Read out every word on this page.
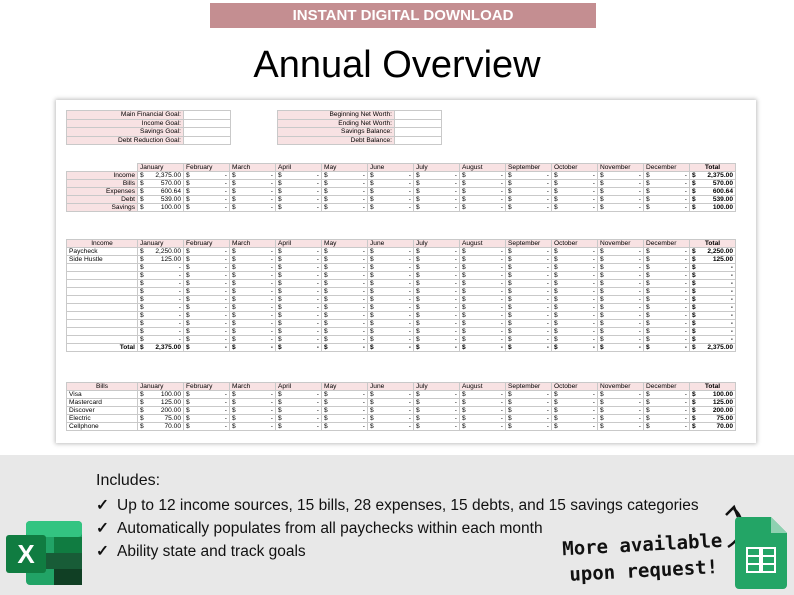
INSTANT DIGITAL DOWNLOAD
Annual Overview
Main Financial Goal:	
Income Goal:	
Savings Goal:	
Debt Reduction Goal:	
Beginning Net Worth:	
Ending Net Worth:	
Savings Balance:	
Debt Balance:	
	January	February	March	April	May	June	July	August	September	October	November	December	Total
Income	$ 2,375.00	$ -	$ -	$ -	$ -	$ -	$ -	$ -	$ -	$ -	$ -	$ -	$ 2,375.00

Bills	$ 570.00	$ -	$ -	$ -	$ -	$ -	$ -	$ -	$ -	$ -	$ -	$ -	$ 570.00

Expenses	$ 600.64	$ -	$ -	$ -	$ -	$ -	$ -	$ -	$ -	$ -	$ -	$ -	$ 600.64

Debt	$ 539.00	$ -	$ -	$ -	$ -	$ -	$ -	$ -	$ -	$ -	$ -	$ -	$ 539.00

Savings	$ 100.00	$ -	$ -	$ -	$ -	$ -	$ -	$ -	$ -	$ -	$ -	$ -	$ 100.00
Income	January	February	March	April	May	June	July	August	September	October	November	December	Total
Paycheck	$ 2,250.00	$ -	$ -	$ -	$ -	$ -	$ -	$ -	$ -	$ -	$ -	$ -	$ 2,250.00

Side Hustle	$ 125.00	$ -	$ -	$ -	$ -	$ -	$ -	$ -	$ -	$ -	$ -	$ -	$ 125.00

	$ -	$ -	$ -	$ -	$ -	$ -	$ -	$ -	$ -	$ -	$ -	$ -	$ -

	$ -	$ -	$ -	$ -	$ -	$ -	$ -	$ -	$ -	$ -	$ -	$ -	$ -

	$ -	$ -	$ -	$ -	$ -	$ -	$ -	$ -	$ -	$ -	$ -	$ -	$ -

	$ -	$ -	$ -	$ -	$ -	$ -	$ -	$ -	$ -	$ -	$ -	$ -	$ -

	$ -	$ -	$ -	$ -	$ -	$ -	$ -	$ -	$ -	$ -	$ -	$ -	$ -

	$ -	$ -	$ -	$ -	$ -	$ -	$ -	$ -	$ -	$ -	$ -	$ -	$ -

	$ -	$ -	$ -	$ -	$ -	$ -	$ -	$ -	$ -	$ -	$ -	$ -	$ -

	$ -	$ -	$ -	$ -	$ -	$ -	$ -	$ -	$ -	$ -	$ -	$ -	$ -

	$ -	$ -	$ -	$ -	$ -	$ -	$ -	$ -	$ -	$ -	$ -	$ -	$ -

	$ -	$ -	$ -	$ -	$ -	$ -	$ -	$ -	$ -	$ -	$ -	$ -	$ -

Total	$ 2,375.00	$ -	$ -	$ -	$ -	$ -	$ -	$ -	$ -	$ -	$ -	$ -	$ 2,375.00
Bills	January	February	March	April	May	June	July	August	September	October	November	December	Total
Visa	$ 100.00	$ -	$ -	$ -	$ -	$ -	$ -	$ -	$ -	$ -	$ -	$ -	$ 100.00

Mastercard	$ 125.00	$ -	$ -	$ -	$ -	$ -	$ -	$ -	$ -	$ -	$ -	$ -	$ 125.00

Discover	$ 200.00	$ -	$ -	$ -	$ -	$ -	$ -	$ -	$ -	$ -	$ -	$ -	$ 200.00

Electric	$ 75.00	$ -	$ -	$ -	$ -	$ -	$ -	$ -	$ -	$ -	$ -	$ -	$ 75.00

Cellphone	$ 70.00	$ -	$ -	$ -	$ -	$ -	$ -	$ -	$ -	$ -	$ -	$ -	$ 70.00
X
Includes:
✓ Up to 12 income sources, 15 bills, 28 expenses, 15 debts, and 15 savings categories
✓ Automatically populates from all paychecks within each month
✓ Ability state and track goals	More available
upon request!
